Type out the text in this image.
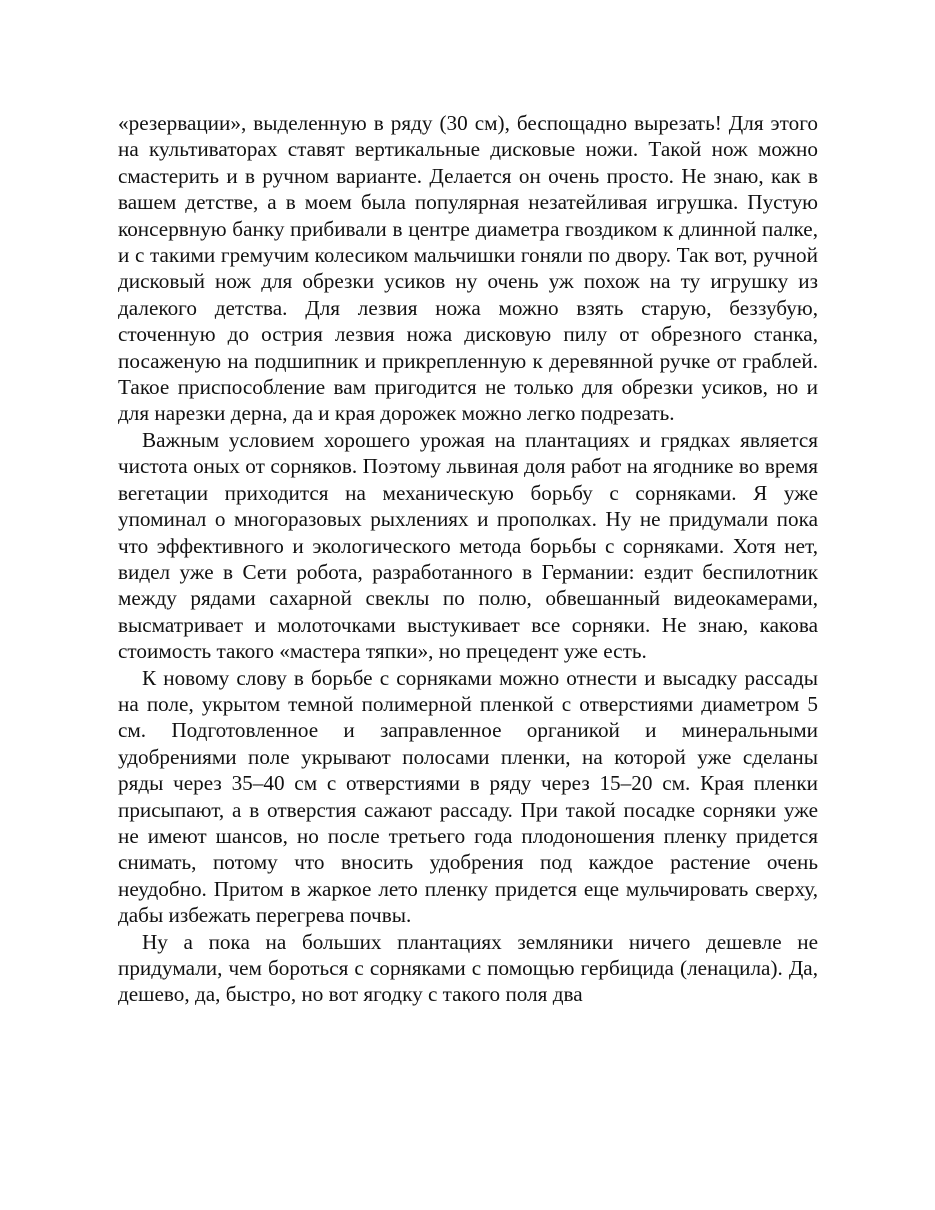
«резервации», выделенную в ряду (30 см), беспощадно вырезать! Для этого на культиваторах ставят вертикальные дисковые ножи. Такой нож можно смастерить и в ручном варианте. Делается он очень просто. Не знаю, как в вашем детстве, а в моем была популярная незатейливая игрушка. Пустую консервную банку прибивали в центре диаметра гвоздиком к длинной палке, и с такими гремучим колесиком мальчишки гоняли по двору. Так вот, ручной дисковый нож для обрезки усиков ну очень уж похож на ту игрушку из далекого детства. Для лезвия ножа можно взять старую, беззубую, сточенную до острия лезвия ножа дисковую пилу от обрезного станка, посаженую на подшипник и прикрепленную к деревянной ручке от граблей. Такое приспособление вам пригодится не только для обрезки усиков, но и для нарезки дерна, да и края дорожек можно легко подрезать.

Важным условием хорошего урожая на плантациях и грядках является чистота оных от сорняков. Поэтому львиная доля работ на ягоднике во время вегетации приходится на механическую борьбу с сорняками. Я уже упоминал о многоразовых рыхлениях и прополках. Ну не придумали пока что эффективного и экологического метода борьбы с сорняками. Хотя нет, видел уже в Сети робота, разработанного в Германии: ездит беспилотник между рядами сахарной свеклы по полю, обвешанный видеокамерами, высматривает и молоточками выстукивает все сорняки. Не знаю, какова стоимость такого «мастера тяпки», но прецедент уже есть.

К новому слову в борьбе с сорняками можно отнести и высадку рассады на поле, укрытом темной полимерной пленкой с отверстиями диаметром 5 см. Подготовленное и заправленное органикой и минеральными удобрениями поле укрывают полосами пленки, на которой уже сделаны ряды через 35–40 см с отверстиями в ряду через 15–20 см. Края пленки присыпают, а в отверстия сажают рассаду. При такой посадке сорняки уже не имеют шансов, но после третьего года плодоношения пленку придется снимать, потому что вносить удобрения под каждое растение очень неудобно. Притом в жаркое лето пленку придется еще мульчировать сверху, дабы избежать перегрева почвы.

Ну а пока на больших плантациях земляники ничего дешевле не придумали, чем бороться с сорняками с помощью гербицида (ленацила). Да, дешево, да, быстро, но вот ягодку с такого поля два
